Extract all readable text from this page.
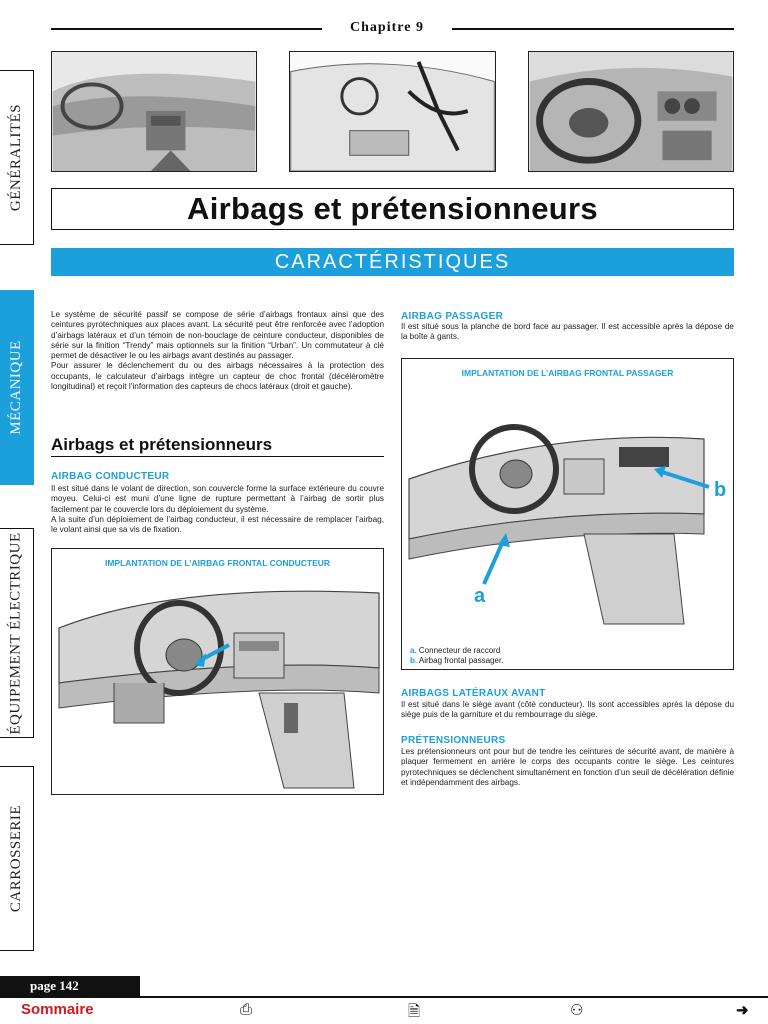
Chapitre 9
GÉNÉRALITÉS
MÉCANIQUE
ÉQUIPEMENT ÉLECTRIQUE
CARROSSERIE
Airbags et prétensionneurs
CARACTÉRISTIQUES

Le système de sécurité passif se compose de série d’airbags frontaux ainsi que des ceintures pyrotechniques aux places avant. La sécurité peut être renforcée avec l’adoption d’airbags latéraux et d’un témoin de non-bouclage de ceinture conducteur, disponibles de série sur la finition “Trendy” mais optionnels sur la finition “Urban”. Un commutateur à clé permet de désactiver le ou les airbags avant destinés au passager.

Pour assurer le déclenchement du ou des airbags nécessaires à la protection des occupants, le calculateur d’airbags intègre un capteur de choc frontal (décéléromètre longitudinal) et reçoit l’information des capteurs de chocs latéraux (droit et gauche).

Airbags et prétensionneurs
AIRBAG CONDUCTEUR

Il est situé dans le volant de direction, son couvercle forme la surface extérieure du couvre moyeu. Celui-ci est muni d’une ligne de rupture permettant à l’airbag de sortir plus facilement par le couvercle lors du déploiement du système.

A la suite d’un déploiement de l’airbag conducteur, il est nécessaire de remplacer l’airbag, le volant ainsi que sa vis de fixation.

IMPLANTATION DE L’AIRBAG FRONTAL CONDUCTEUR
AIRBAG PASSAGER

Il est situé sous la planche de bord face au passager. Il est accessible après la dépose de la boîte à gants.

IMPLANTATION DE L’AIRBAG FRONTAL PASSAGER
b
a
a. Connecteur de raccord
b. Airbag frontal passager.
AIRBAGS LATÉRAUX AVANT

Il est situé dans le siège avant (côté conducteur). Ils sont accessibles après la dépose du siège puis de la garniture et du rembourrage du siège.

PRÉTENSIONNEURS

Les prétensionneurs ont pour but de tendre les ceintures de sécurité avant, de manière à plaquer fermement en arrière le corps des occupants contre le siège. Les ceintures pyrotechniques se déclenchent simultanément en fonction d’un seuil de décélération définie et indépendamment des airbags.

page 142
Sommaire	⎙	🗎	⚇	➜
